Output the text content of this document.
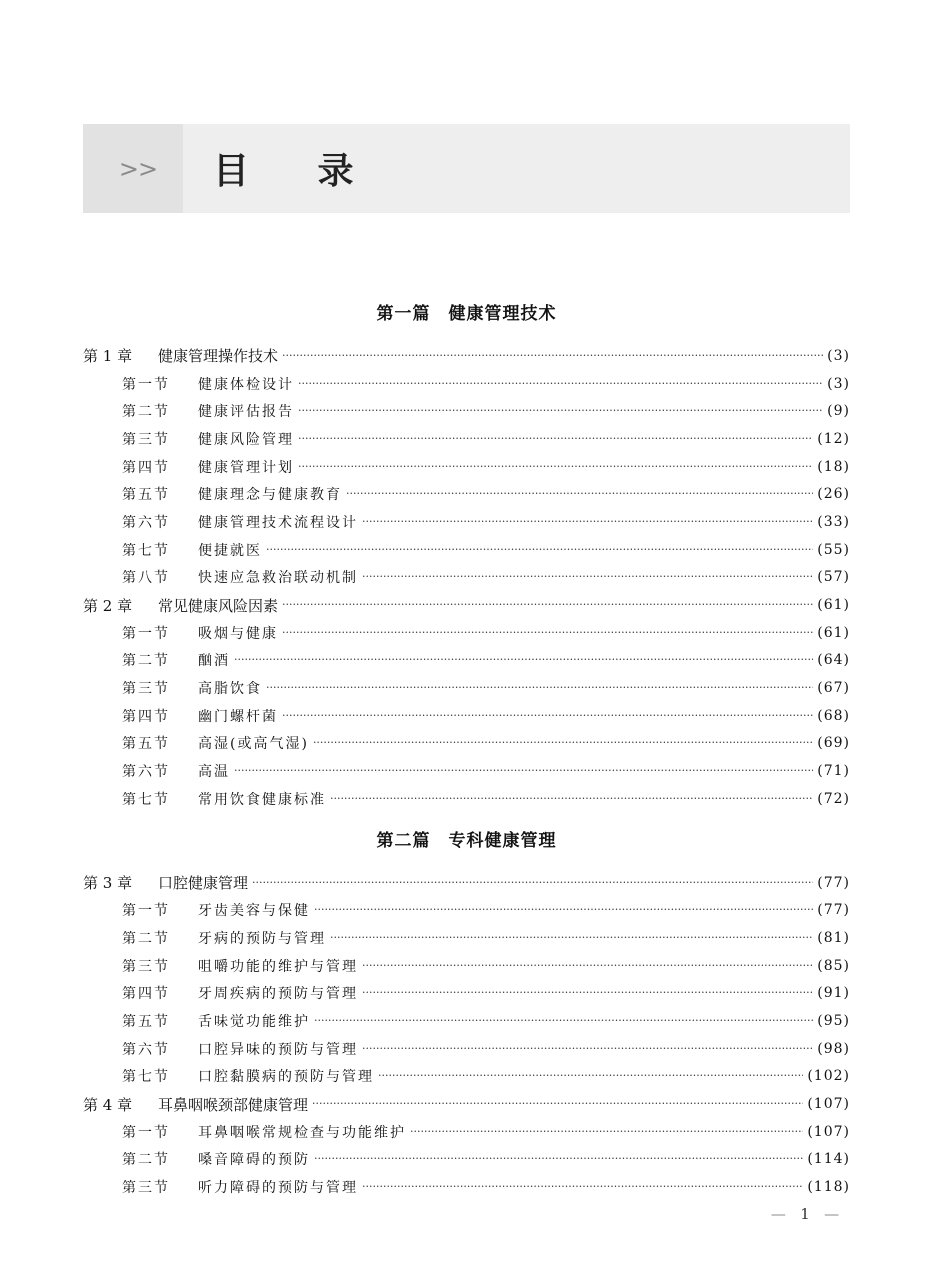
>> 目 录
第一篇　健康管理技术
第 1 章	健康管理操作技术 ·····	(3)
第一节	健康体检设计 ·····	(3)
第二节	健康评估报告 ·····	(9)
第三节	健康风险管理 ·····	(12)
第四节	健康管理计划 ·····	(18)
第五节	健康理念与健康教育 ·····	(26)
第六节	健康管理技术流程设计 ·····	(33)
第七节	便捷就医 ·····	(55)
第八节	快速应急救治联动机制 ·····	(57)
第 2 章	常见健康风险因素 ·····	(61)
第一节	吸烟与健康 ·····	(61)
第二节	酗酒 ·····	(64)
第三节	高脂饮食 ·····	(67)
第四节	幽门螺杆菌 ·····	(68)
第五节	高湿(或高气湿) ·····	(69)
第六节	高温 ·····	(71)
第七节	常用饮食健康标准 ·····	(72)
第二篇　专科健康管理
第 3 章	口腔健康管理 ·····	(77)
第一节	牙齿美容与保健 ·····	(77)
第二节	牙病的预防与管理 ·····	(81)
第三节	咀嚼功能的维护与管理 ·····	(85)
第四节	牙周疾病的预防与管理 ·····	(91)
第五节	舌味觉功能维护 ·····	(95)
第六节	口腔异味的预防与管理 ·····	(98)
第七节	口腔黏膜病的预防与管理 ·····	(102)
第 4 章	耳鼻咽喉颈部健康管理 ·····	(107)
第一节	耳鼻咽喉常规检查与功能维护 ·····	(107)
第二节	嗓音障碍的预防 ·····	(114)
第三节	听力障碍的预防与管理 ·····	(118)
— 1 —
